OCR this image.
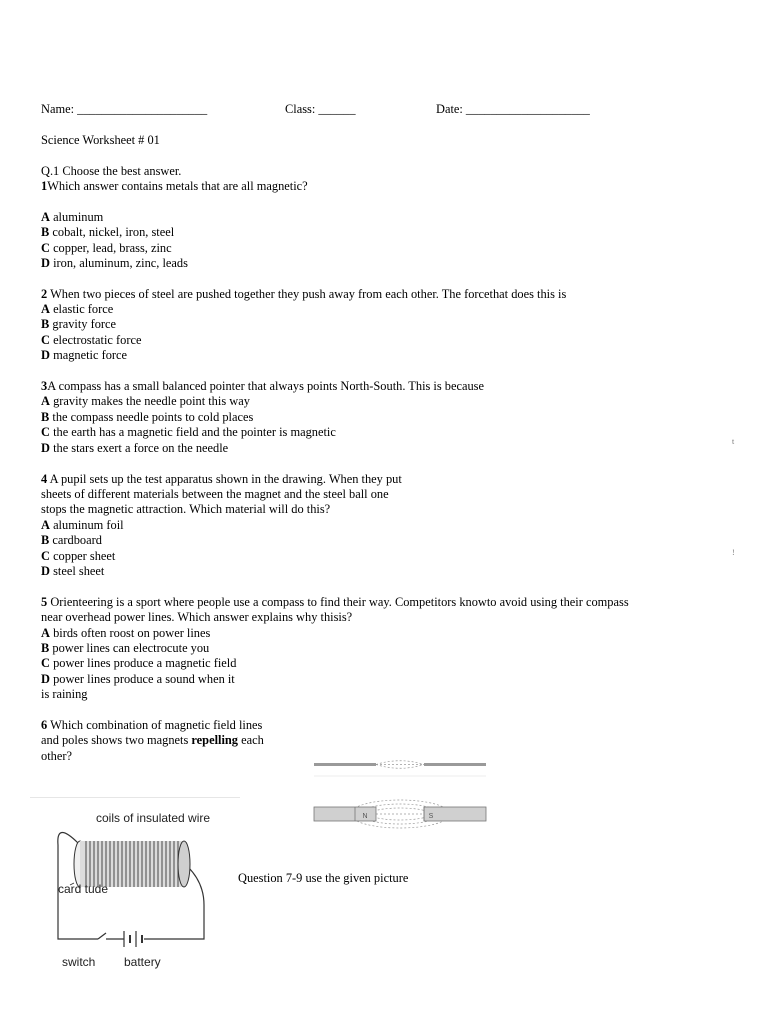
Name: _____________________	Class: ______	Date: ____________________
Science Worksheet # 01
Q.1 Choose the best answer.
1Which answer contains metals that are all magnetic?
A aluminum
B cobalt, nickel, iron, steel
C copper, lead, brass, zinc
D iron, aluminum, zinc, leads
2 When two pieces of steel are pushed together they push away from each other. The forcethat does this is
A elastic force
B gravity force
C electrostatic force
D magnetic force
3A compass has a small balanced pointer that always points North-South. This is because
A gravity makes the needle point this way
B the compass needle points to cold places
C the earth has a magnetic field and the pointer is magnetic
D the stars exert a force on the needle	t
4 A pupil sets up the test apparatus shown in the drawing. When they put
sheets of different materials between the magnet and the steel ball one
stops the magnetic attraction. Which material will do this?
A aluminum foil
B cardboard
C copper sheet
D steel sheet
!
5 Orienteering is a sport where people use a compass to find their way. Competitors knowto avoid using their compass
near overhead power lines. Which answer explains why thisis?
A birds often roost on power lines
B power lines can electrocute you
C power lines produce a magnetic field
D power lines produce a sound when it
is raining
6 Which combination of magnetic field lines
and poles shows two magnets repelling each
other?
N	S
coils of insulated wire
card tude
switch battery
Question 7-9 use the given picture
